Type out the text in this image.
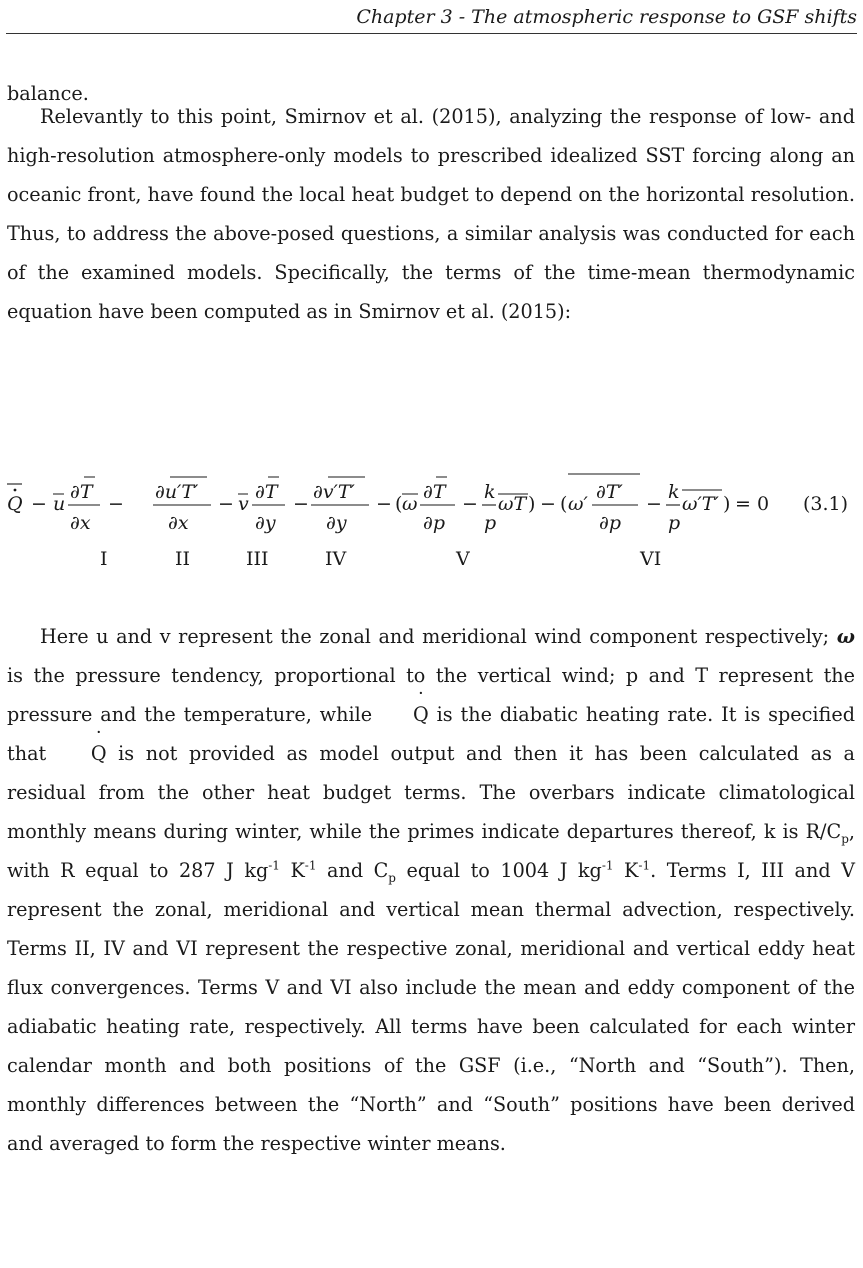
Chapter 3 - The atmospheric response to GSF shifts

balance.

Relevantly to this point, Smirnov et al. (2015), analyzing the response of low- and high-resolution atmosphere-only models to prescribed idealized SST forcing along an oceanic front, have found the local heat budget to depend on the horizontal resolution. Thus, to address the above-posed questions, a similar analysis was conducted for each of the examined models. Specifically, the terms of the time-mean thermodynamic equation have been computed as in Smirnov et al. (2015):

Q − u
∂T
∂x
−
∂u′T′
∂x
− v
∂T
∂y
−
∂v′T′
∂y
− ( ω
∂T
∂p
−
k
p
ωT ) − ( ω′
∂T′
∂p
−
k
p
ω′T′ ) = 0 (3.1)
I	II	III	IV	V	VI

Here u and v represent the zonal and meridional wind component respectively; ω is the pressure tendency, proportional to the vertical wind; p and T represent the pressure and the temperature, while ˙ Q is the diabatic heating rate. It is specified that ˙ Q is not provided as model output and then it has been calculated as a residual from the other heat budget terms. The overbars indicate climatological monthly means during winter, while the primes indicate departures thereof, k is $R/C_p$, with R equal to 287 J $kg^{-1}$ $K^{-1}$ and $C_p$ equal to 1004 J $kg^{-1}$ $K^{-1}$. Terms I, III and V represent the zonal, meridional and vertical mean thermal advection, respectively. Terms II, IV and VI represent the respective zonal, meridional and vertical eddy heat flux convergences. Terms V and VI also include the mean and eddy component of the adiabatic heating rate, respectively. All terms have been calculated for each winter calendar month and both positions of the GSF (i.e., “North and “South”). Then, monthly differences between the “North” and “South” positions have been derived and averaged to form the respective winter means.
